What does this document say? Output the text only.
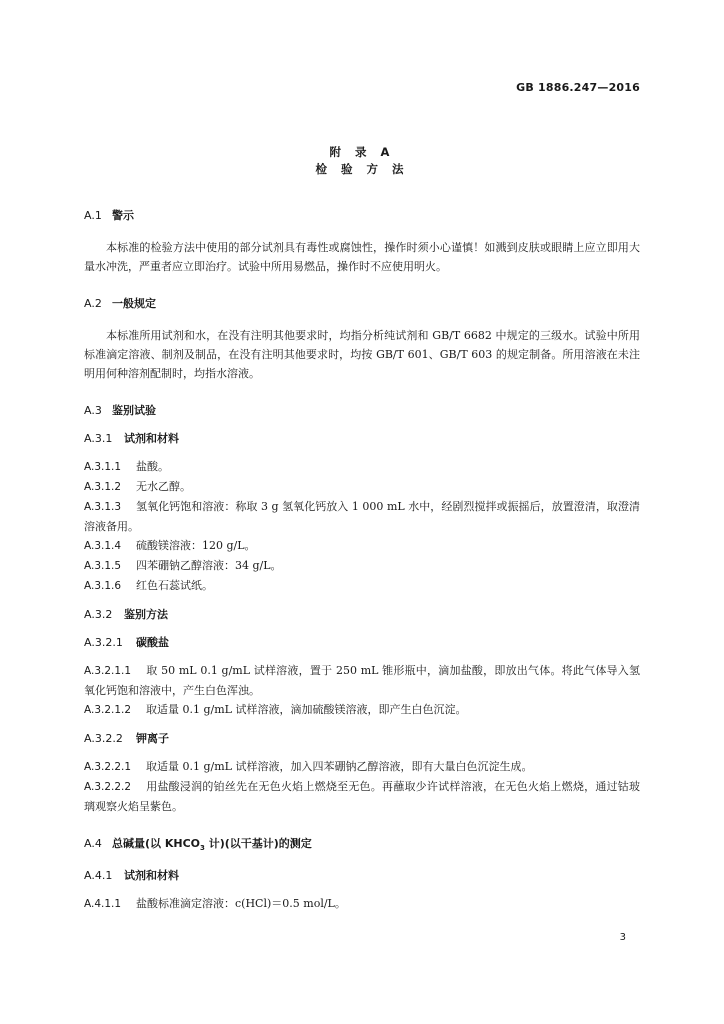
GB 1886.247—2016
附 录 A
检 验 方 法
A.1 警示

本标准的检验方法中使用的部分试剂具有毒性或腐蚀性，操作时须小心谨慎！如溅到皮肤或眼睛上应立即用大量水冲洗，严重者应立即治疗。试验中所用易燃品，操作时不应使用明火。

A.2 一般规定

本标准所用试剂和水，在没有注明其他要求时，均指分析纯试剂和 GB/T 6682 中规定的三级水。试验中所用标准滴定溶液、制剂及制品，在没有注明其他要求时，均按 GB/T 601、GB/T 603 的规定制备。所用溶液在未注明用何种溶剂配制时，均指水溶液。

A.3 鉴别试验
A.3.1 试剂和材料

A.3.1.1 盐酸。

A.3.1.2 无水乙醇。

A.3.1.3 氢氧化钙饱和溶液：称取 3 g 氢氧化钙放入 1 000 mL 水中，经剧烈搅拌或振摇后，放置澄清，取澄清溶液备用。

A.3.1.4 硫酸镁溶液：120 g/L。

A.3.1.5 四苯硼钠乙醇溶液：34 g/L。

A.3.1.6 红色石蕊试纸。

A.3.2 鉴别方法
A.3.2.1 碳酸盐

A.3.2.1.1 取 50 mL 0.1 g/mL 试样溶液，置于 250 mL 锥形瓶中，滴加盐酸，即放出气体。将此气体导入氢氧化钙饱和溶液中，产生白色浑浊。

A.3.2.1.2 取适量 0.1 g/mL 试样溶液，滴加硫酸镁溶液，即产生白色沉淀。

A.3.2.2 钾离子

A.3.2.2.1 取适量 0.1 g/mL 试样溶液，加入四苯硼钠乙醇溶液，即有大量白色沉淀生成。

A.3.2.2.2 用盐酸浸润的铂丝先在无色火焰上燃烧至无色。再蘸取少许试样溶液，在无色火焰上燃烧，通过钴玻璃观察火焰呈紫色。

A.4 总碱量(以 $KHCO_3$ 计)(以干基计)的测定
A.4.1 试剂和材料

A.4.1.1 盐酸标准滴定溶液：c(HCl)＝0.5 mol/L。

3
